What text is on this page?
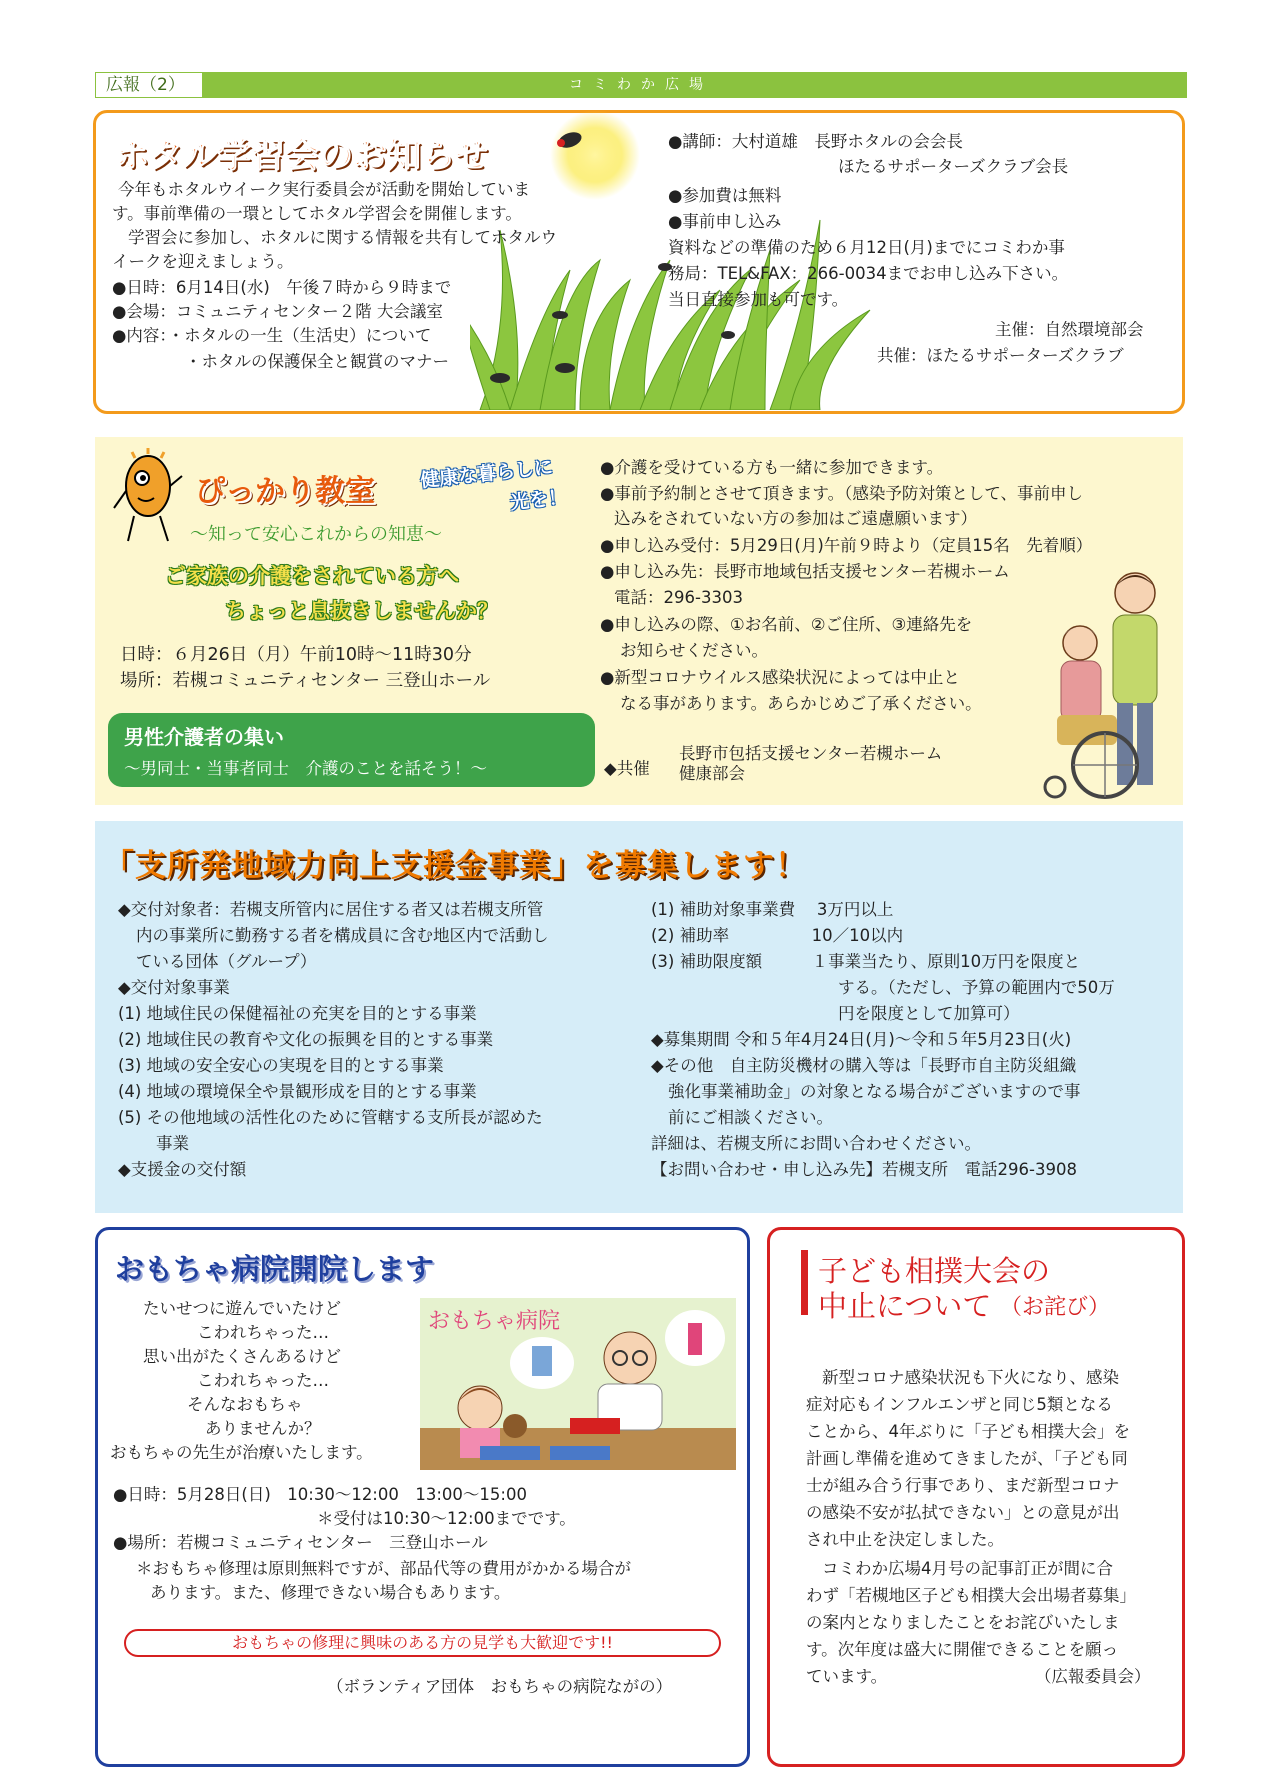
広報（2）	コミわか広場
ホタル学習会のお知らせ
今年もホタルウイーク実行委員会が活動を開始していま
す。事前準備の一環としてホタル学習会を開催します。
学習会に参加し、ホタルに関する情報を共有してホタルウ
イークを迎えましょう。
●日時：6月14日(水)　午後７時から９時まで
●会場：コミュニティセンター２階 大会議室
●内容：・ホタルの一生（生活史）について
・ホタルの保護保全と観賞のマナー
●講師：大村道雄　長野ホタルの会会長
ほたるサポーターズクラブ会長
●参加費は無料
●事前申し込み
資料などの準備のため６月12日(月)までにコミわか事
務局：TEL&FAX：266-0034までお申し込み下さい。
当日直接参加も可です。
主催：自然環境部会
共催：ほたるサポーターズクラブ
ぴっかり教室 健康な暮らしに
光を！
〜知って安心これからの知恵〜
ご家族の介護をされている方へ
ちょっと息抜きしませんか？
日時：６月26日（月）午前10時〜11時30分
場所：若槻コミュニティセンター 三登山ホール
男性介護者の集い
〜男同士・当事者同士　介護のことを話そう！〜
●介護を受けている方も一緒に参加できます。
●事前予約制とさせて頂きます。（感染予防対策として、事前申し
込みをされていない方の参加はご遠慮願います）
●申し込み受付：5月29日(月)午前９時より（定員15名　先着順）
●申し込み先：長野市地域包括支援センター若槻ホーム
電話：296-3303
●申し込みの際、①お名前、②ご住所、③連絡先を
お知らせください。
●新型コロナウイルス感染状況によっては中止と
なる事があります。あらかじめご了承ください。
◆共催
長野市包括支援センター若槻ホーム
健康部会
「支所発地域力向上支援金事業」を募集します！
◆交付対象者：若槻支所管内に居住する者又は若槻支所管
内の事業所に勤務する者を構成員に含む地区内で活動し
ている団体（グループ）
◆交付対象事業
(1) 地域住民の保健福祉の充実を目的とする事業
(2) 地域住民の教育や文化の振興を目的とする事業
(3) 地域の安全安心の実現を目的とする事業
(4) 地域の環境保全や景観形成を目的とする事業
(5) その他地域の活性化のために管轄する支所長が認めた
事業
◆支援金の交付額
(1) 補助対象事業費　 3万円以上
(2) 補助率　　　　　10／10以内
(3) 補助限度額　　　１事業当たり、原則10万円を限度と
する。（ただし、予算の範囲内で50万
円を限度として加算可）
◆募集期間 令和５年4月24日(月)〜令和５年5月23日(火)
◆その他　自主防災機材の購入等は「長野市自主防災組織
強化事業補助金」の対象となる場合がございますので事
前にご相談ください。
詳細は、若槻支所にお問い合わせください。
【お問い合わせ・申し込み先】若槻支所　電話296-3908
おもちゃ病院開院します
たいせつに遊んでいたけど
こわれちゃった…
思い出がたくさんあるけど
こわれちゃった…
そんなおもちゃ
ありませんか？
おもちゃの先生が治療いたします。
おもちゃ病院
●日時：5月28日(日)　10:30〜12:00　13:00〜15:00
＊受付は10:30〜12:00までです。
●場所：若槻コミュニティセンター　三登山ホール
＊おもちゃ修理は原則無料ですが、部品代等の費用がかかる場合が
あります。また、修理できない場合もあります。
おもちゃの修理に興味のある方の見学も大歓迎です!!
（ボランティア団体　おもちゃの病院ながの）
子ども相撲大会の
中止について （お詫び）
新型コロナ感染状況も下火になり、感染
症対応もインフルエンザと同じ5類となる
ことから、4年ぶりに「子ども相撲大会」を
計画し準備を進めてきましたが、「子ども同
士が組み合う行事であり、まだ新型コロナ
の感染不安が払拭できない」との意見が出
され中止を決定しました。
コミわか広場4月号の記事訂正が間に合
わず「若槻地区子ども相撲大会出場者募集」
の案内となりましたことをお詫びいたしま
す。次年度は盛大に開催できることを願っ
ています。	（広報委員会）
